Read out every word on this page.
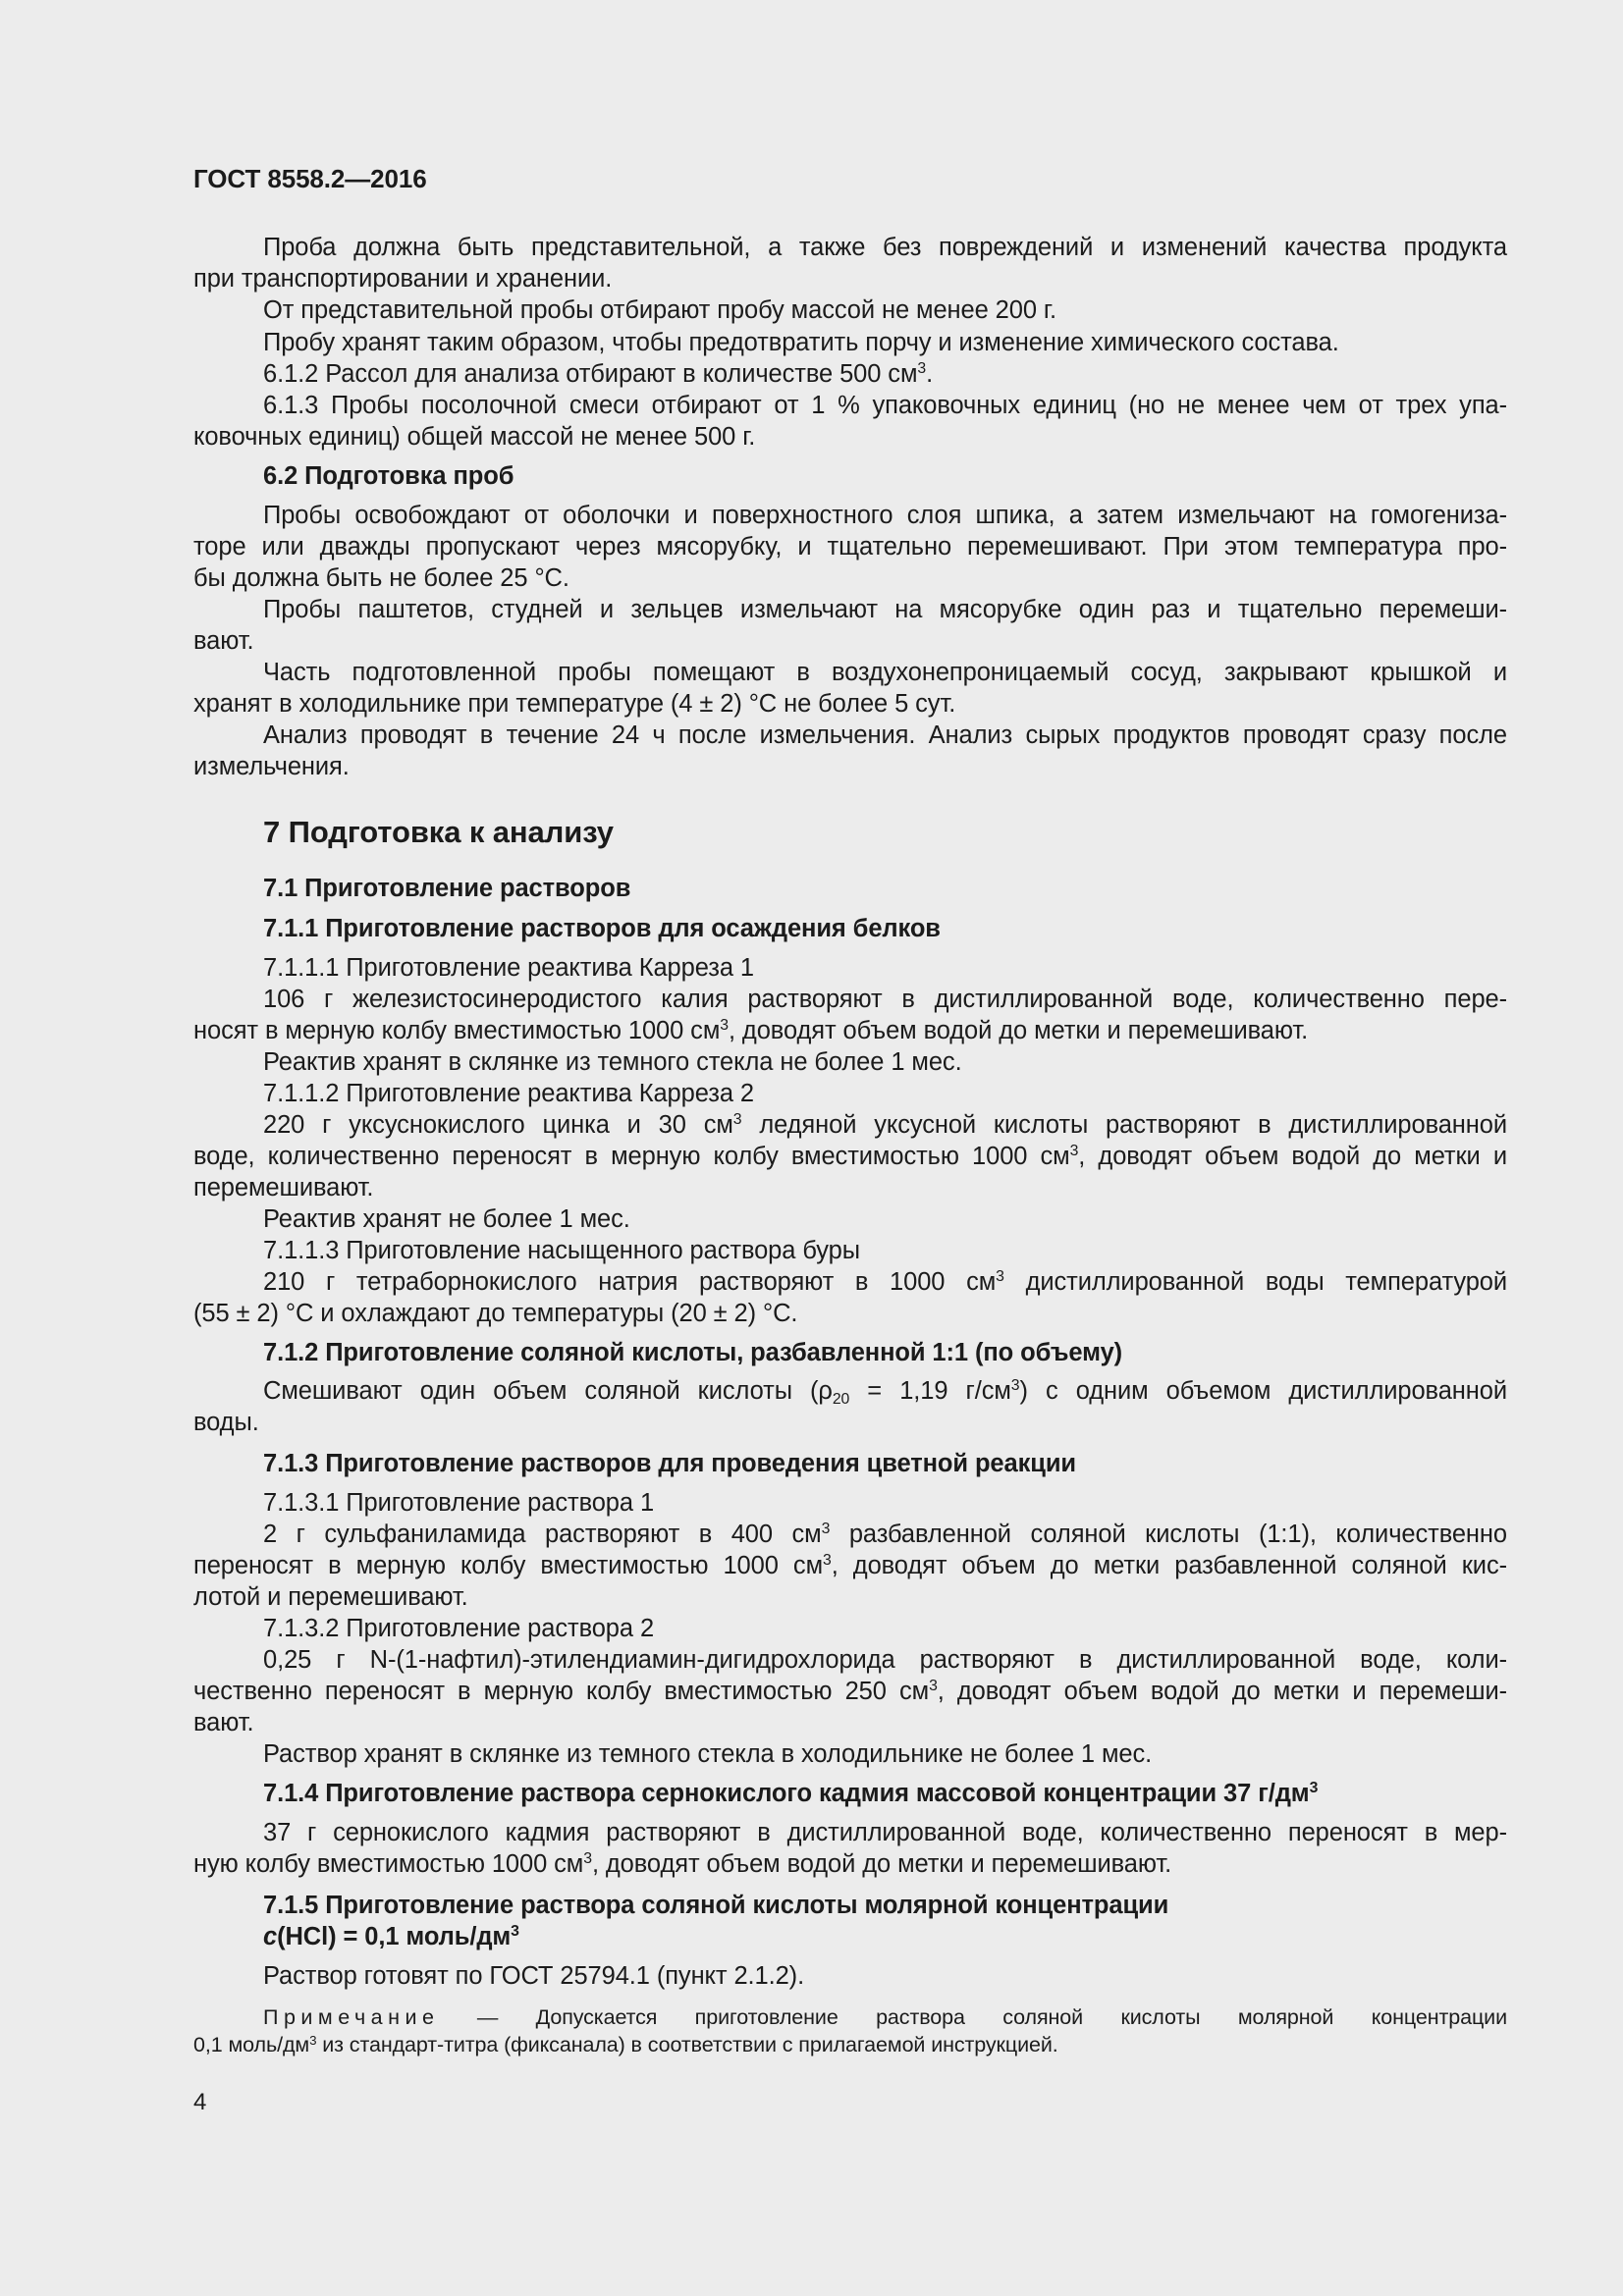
ГОСТ 8558.2—2016
Проба должна быть представительной, а также без повреждений и изменений качества продукта
при транспортировании и хранении.
От представительной пробы отбирают пробу массой не менее 200 г.
Пробу хранят таким образом, чтобы предотвратить порчу и изменение химического состава.
6.1.2 Рассол для анализа отбирают в количестве 500 $см^3$.
6.1.3 Пробы посолочной смеси отбирают от 1 % упаковочных единиц (но не менее чем от трех упа-
ковочных единиц) общей массой не менее 500 г.
6.2 Подготовка проб
Пробы освобождают от оболочки и поверхностного слоя шпика, а затем измельчают на гомогениза-
торе или дважды пропускают через мясорубку, и тщательно перемешивают. При этом температура про-
бы должна быть не более 25 °С.
Пробы паштетов, студней и зельцев измельчают на мясорубке один раз и тщательно перемеши-
вают.
Часть подготовленной пробы помещают в воздухонепроницаемый сосуд, закрывают крышкой и
хранят в холодильнике при температуре (4 ± 2) °С не более 5 сут.
Анализ проводят в течение 24 ч после измельчения. Анализ сырых продуктов проводят сразу после
измельчения.
7 Подготовка к анализу
7.1 Приготовление растворов
7.1.1 Приготовление растворов для осаждения белков
7.1.1.1 Приготовление реактива Карреза 1
106 г железистосинеродистого калия растворяют в дистиллированной воде, количественно пере-
носят в мерную колбу вместимостью 1000 $см^3$, доводят объем водой до метки и перемешивают.
Реактив хранят в склянке из темного стекла не более 1 мес.
7.1.1.2 Приготовление реактива Карреза 2
220 г уксуснокислого цинка и 30 $см^3$ ледяной уксусной кислоты растворяют в дистиллированной
воде, количественно переносят в мерную колбу вместимостью 1000 $см^3$, доводят объем водой до метки и
перемешивают.
Реактив хранят не более 1 мес.
7.1.1.3 Приготовление насыщенного раствора буры
210 г тетраборнокислого натрия растворяют в 1000 $см^3$ дистиллированной воды температурой
(55 ± 2) °С и охлаждают до температуры (20 ± 2) °С.
7.1.2 Приготовление соляной кислоты, разбавленной 1:1 (по объему)
Смешивают один объем соляной кислоты ($\rho_{20} = 1,19$ $г/см^3$) с одним объемом дистиллированной
воды.
7.1.3 Приготовление растворов для проведения цветной реакции
7.1.3.1 Приготовление раствора 1
2 г сульфаниламида растворяют в 400 $см^3$ разбавленной соляной кислоты (1:1), количественно
переносят в мерную колбу вместимостью 1000 $см^3$, доводят объем до метки разбавленной соляной кис-
лотой и перемешивают.
7.1.3.2 Приготовление раствора 2
0,25 г N-(1-нафтил)-этилендиамин-дигидрохлорида растворяют в дистиллированной воде, коли-
чественно переносят в мерную колбу вместимостью 250 $см^3$, доводят объем водой до метки и перемеши-
вают.
Раствор хранят в склянке из темного стекла в холодильнике не более 1 мес.
7.1.4 Приготовление раствора сернокислого кадмия массовой концентрации 37 $г/дм^3$
37 г сернокислого кадмия растворяют в дистиллированной воде, количественно переносят в мер-
ную колбу вместимостью 1000 $см^3$, доводят объем водой до метки и перемешивают.
7.1.5 Приготовление раствора соляной кислоты молярной концентрации
c(HCl) = 0,1 моль/$дм^3$
Раствор готовят по ГОСТ 25794.1 (пункт 2.1.2).
Примечание — Допускается приготовление раствора соляной кислоты молярной концентрации
0,1 моль/$дм^3$ из стандарт-титра (фиксанала) в соответствии с прилагаемой инструкцией.
4
